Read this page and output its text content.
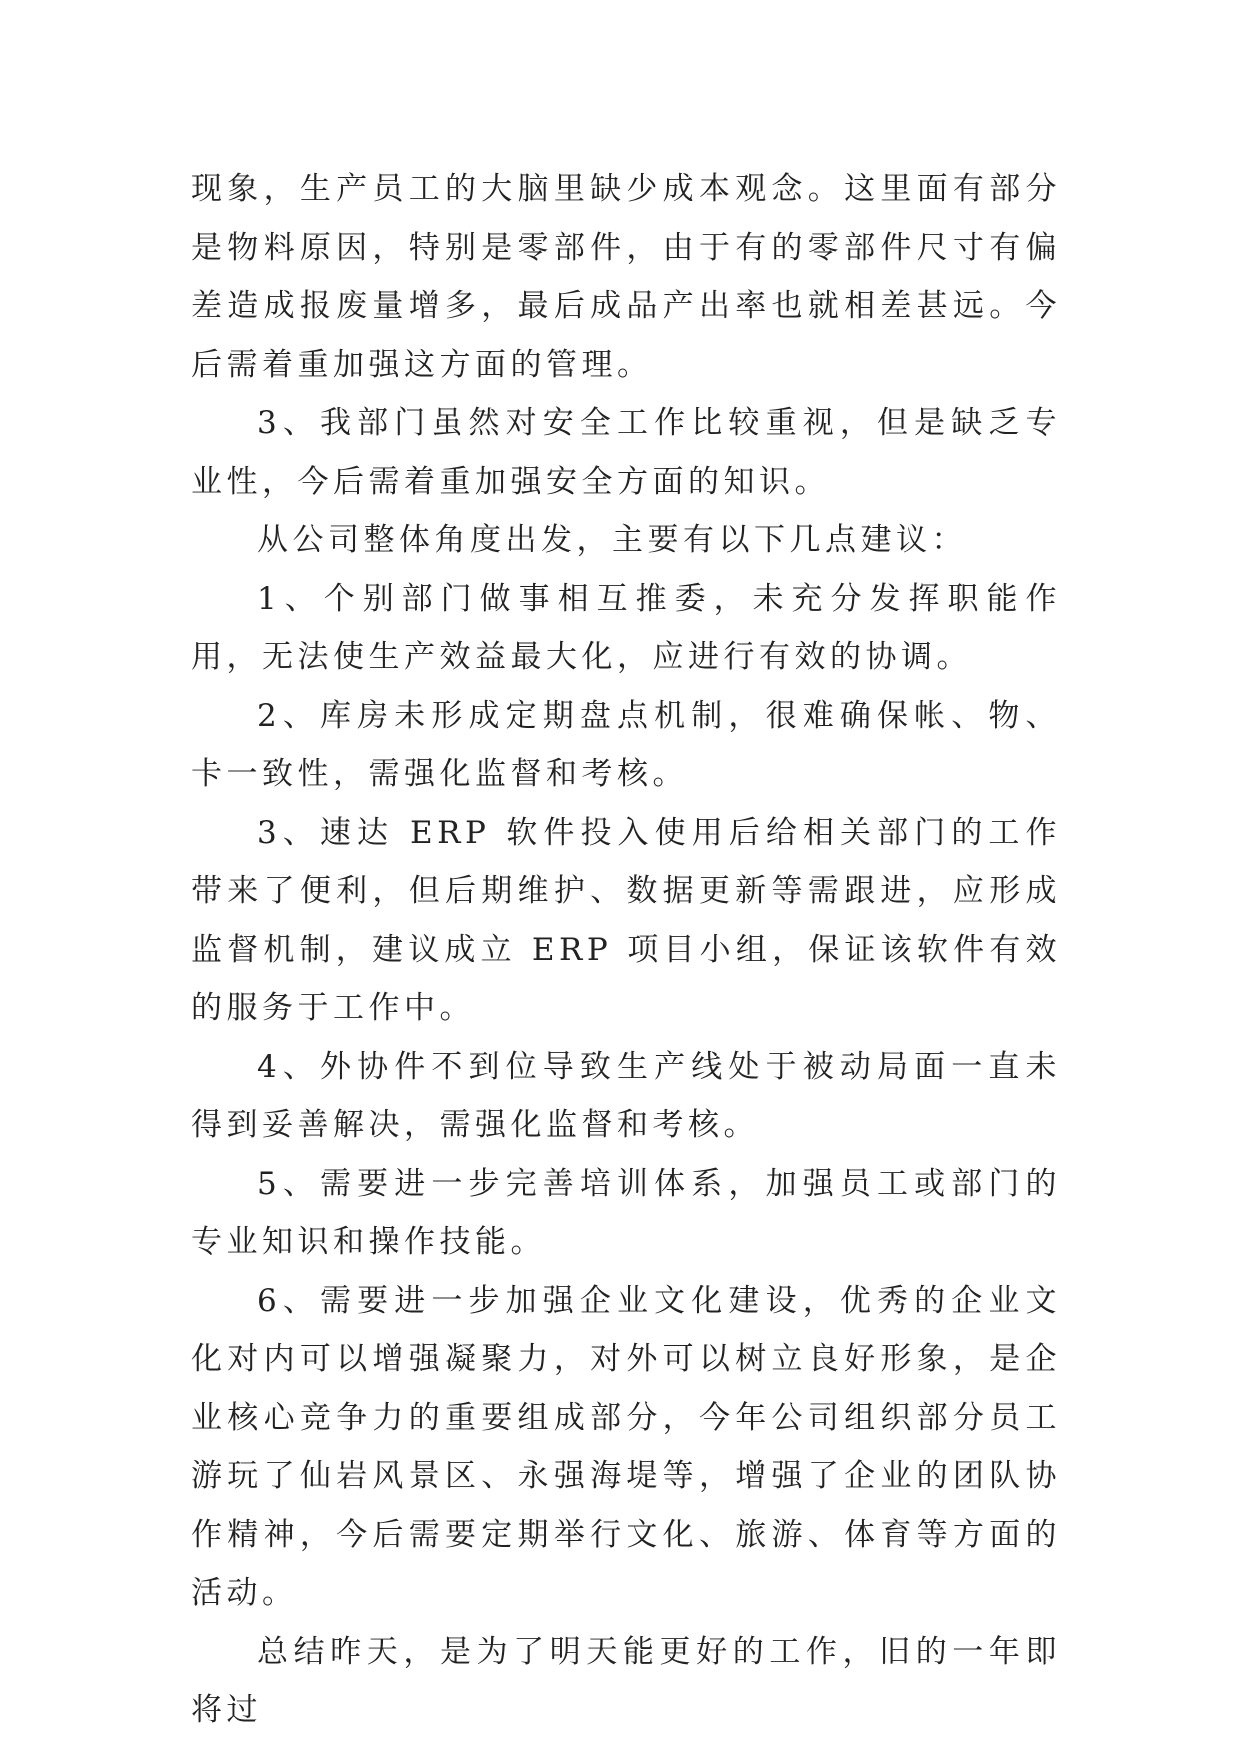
现象，生产员工的大脑里缺少成本观念。这里面有部分是物料原因，特别是零部件，由于有的零部件尺寸有偏差造成报废量增多，最后成品产出率也就相差甚远。今后需着重加强这方面的管理。

3、我部门虽然对安全工作比较重视，但是缺乏专业性，今后需着重加强安全方面的知识。

从公司整体角度出发，主要有以下几点建议：

1、个别部门做事相互推委，未充分发挥职能作用，无法使生产效益最大化，应进行有效的协调。

2、库房未形成定期盘点机制，很难确保帐、物、卡一致性，需强化监督和考核。

3、速达 ERP 软件投入使用后给相关部门的工作带来了便利，但后期维护、数据更新等需跟进，应形成监督机制，建议成立 ERP 项目小组，保证该软件有效的服务于工作中。

4、外协件不到位导致生产线处于被动局面一直未得到妥善解决，需强化监督和考核。

5、需要进一步完善培训体系，加强员工或部门的专业知识和操作技能。

6、需要进一步加强企业文化建设，优秀的企业文化对内可以增强凝聚力，对外可以树立良好形象，是企业核心竞争力的重要组成部分，今年公司组织部分员工游玩了仙岩风景区、永强海堤等，增强了企业的团队协作精神，今后需要定期举行文化、旅游、体育等方面的活动。

总结昨天，是为了明天能更好的工作，旧的一年即将过
